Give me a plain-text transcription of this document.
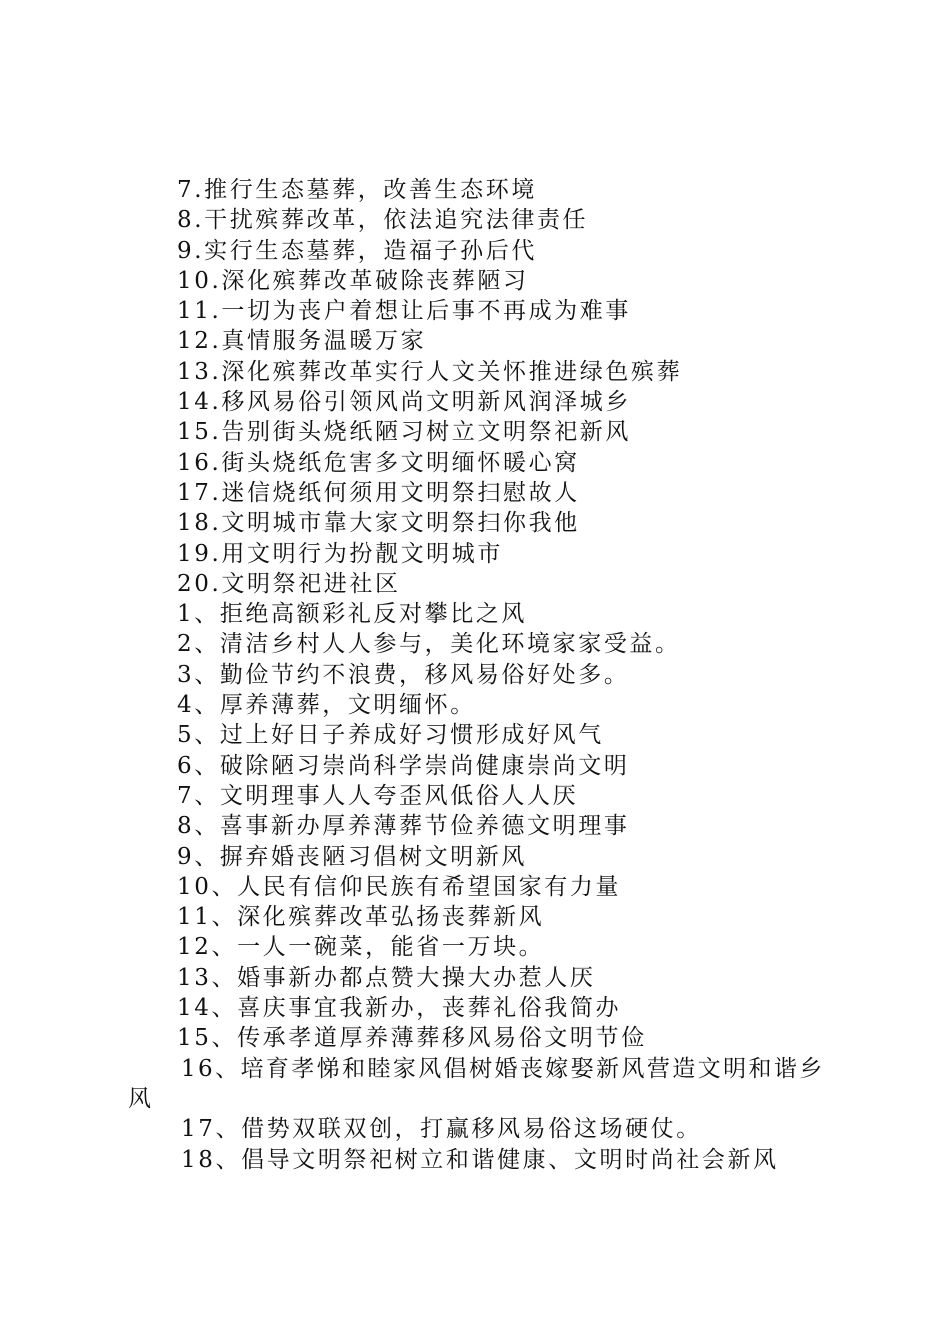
7.推行生态墓葬，改善生态环境
8.干扰殡葬改革，依法追究法律责任
9.实行生态墓葬，造福子孙后代
10.深化殡葬改革破除丧葬陋习
11.一切为丧户着想让后事不再成为难事
12.真情服务温暖万家
13.深化殡葬改革实行人文关怀推进绿色殡葬
14.移风易俗引领风尚文明新风润泽城乡
15.告别街头烧纸陋习树立文明祭祀新风
16.街头烧纸危害多文明缅怀暖心窝
17.迷信烧纸何须用文明祭扫慰故人
18.文明城市靠大家文明祭扫你我他
19.用文明行为扮靓文明城市
20.文明祭祀进社区
1、拒绝高额彩礼反对攀比之风
2、清洁乡村人人参与，美化环境家家受益。
3、勤俭节约不浪费，移风易俗好处多。
4、厚养薄葬，文明缅怀。
5、过上好日子养成好习惯形成好风气
6、破除陋习崇尚科学崇尚健康崇尚文明
7、文明理事人人夸歪风低俗人人厌
8、喜事新办厚养薄葬节俭养德文明理事
9、摒弃婚丧陋习倡树文明新风
10、人民有信仰民族有希望国家有力量
11、深化殡葬改革弘扬丧葬新风
12、一人一碗菜，能省一万块。
13、婚事新办都点赞大操大办惹人厌
14、喜庆事宜我新办，丧葬礼俗我简办
15、传承孝道厚养薄葬移风易俗文明节俭
16、培育孝悌和睦家风倡树婚丧嫁娶新风营造文明和谐乡
风
17、借势双联双创，打赢移风易俗这场硬仗。
18、倡导文明祭祀树立和谐健康、文明时尚社会新风
